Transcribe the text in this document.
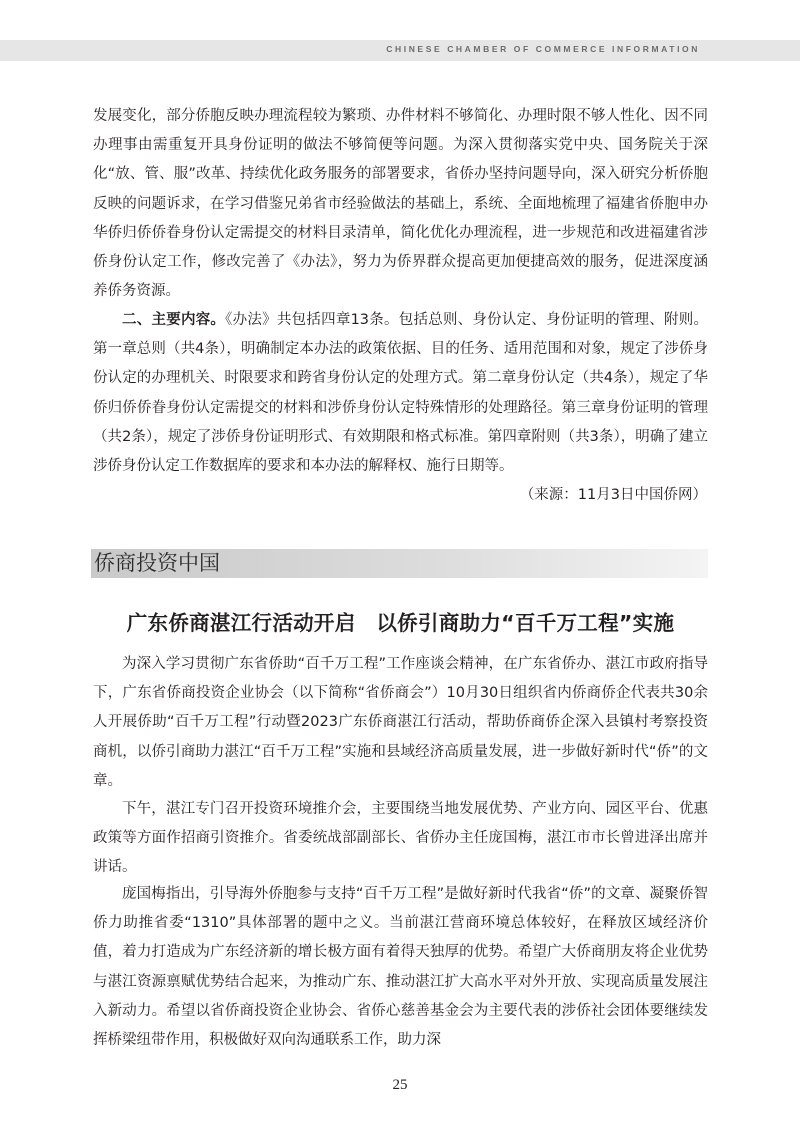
CHINESE CHAMBER OF COMMERCE INFORMATION

发展变化，部分侨胞反映办理流程较为繁琐、办件材料不够简化、办理时限不够人性化、因不同办理事由需重复开具身份证明的做法不够简便等问题。为深入贯彻落实党中央、国务院关于深化“放、管、服”改革、持续优化政务服务的部署要求，省侨办坚持问题导向，深入研究分析侨胞反映的问题诉求，在学习借鉴兄弟省市经验做法的基础上，系统、全面地梳理了福建省侨胞申办华侨归侨侨眷身份认定需提交的材料目录清单，简化优化办理流程，进一步规范和改进福建省涉侨身份认定工作，修改完善了《办法》，努力为侨界群众提高更加便捷高效的服务，促进深度涵养侨务资源。

二、主要内容。《办法》共包括四章13条。包括总则、身份认定、身份证明的管理、附则。第一章总则（共4条），明确制定本办法的政策依据、目的任务、适用范围和对象，规定了涉侨身份认定的办理机关、时限要求和跨省身份认定的处理方式。第二章身份认定（共4条），规定了华侨归侨侨眷身份认定需提交的材料和涉侨身份认定特殊情形的处理路径。第三章身份证明的管理（共2条），规定了涉侨身份证明形式、有效期限和格式标准。第四章附则（共3条），明确了建立涉侨身份认定工作数据库的要求和本办法的解释权、施行日期等。

（来源：11月3日中国侨网）
侨商投资中国
广东侨商湛江行活动开启　以侨引商助力“百千万工程”实施

为深入学习贯彻广东省侨助“百千万工程”工作座谈会精神，在广东省侨办、湛江市政府指导下，广东省侨商投资企业协会（以下简称“省侨商会”）10月30日组织省内侨商侨企代表共30余人开展侨助“百千万工程”行动暨2023广东侨商湛江行活动，帮助侨商侨企深入县镇村考察投资商机，以侨引商助力湛江“百千万工程”实施和县域经济高质量发展，进一步做好新时代“侨”的文章。

下午，湛江专门召开投资环境推介会，主要围绕当地发展优势、产业方向、园区平台、优惠政策等方面作招商引资推介。省委统战部副部长、省侨办主任庞国梅，湛江市市长曾进泽出席并讲话。

庞国梅指出，引导海外侨胞参与支持“百千万工程”是做好新时代我省“侨”的文章、凝聚侨智侨力助推省委“1310”具体部署的题中之义。当前湛江营商环境总体较好，在释放区域经济价值，着力打造成为广东经济新的增长极方面有着得天独厚的优势。希望广大侨商朋友将企业优势与湛江资源禀赋优势结合起来，为推动广东、推动湛江扩大高水平对外开放、实现高质量发展注入新动力。希望以省侨商投资企业协会、省侨心慈善基金会为主要代表的涉侨社会团体要继续发挥桥梁纽带作用，积极做好双向沟通联系工作，助力深

25
